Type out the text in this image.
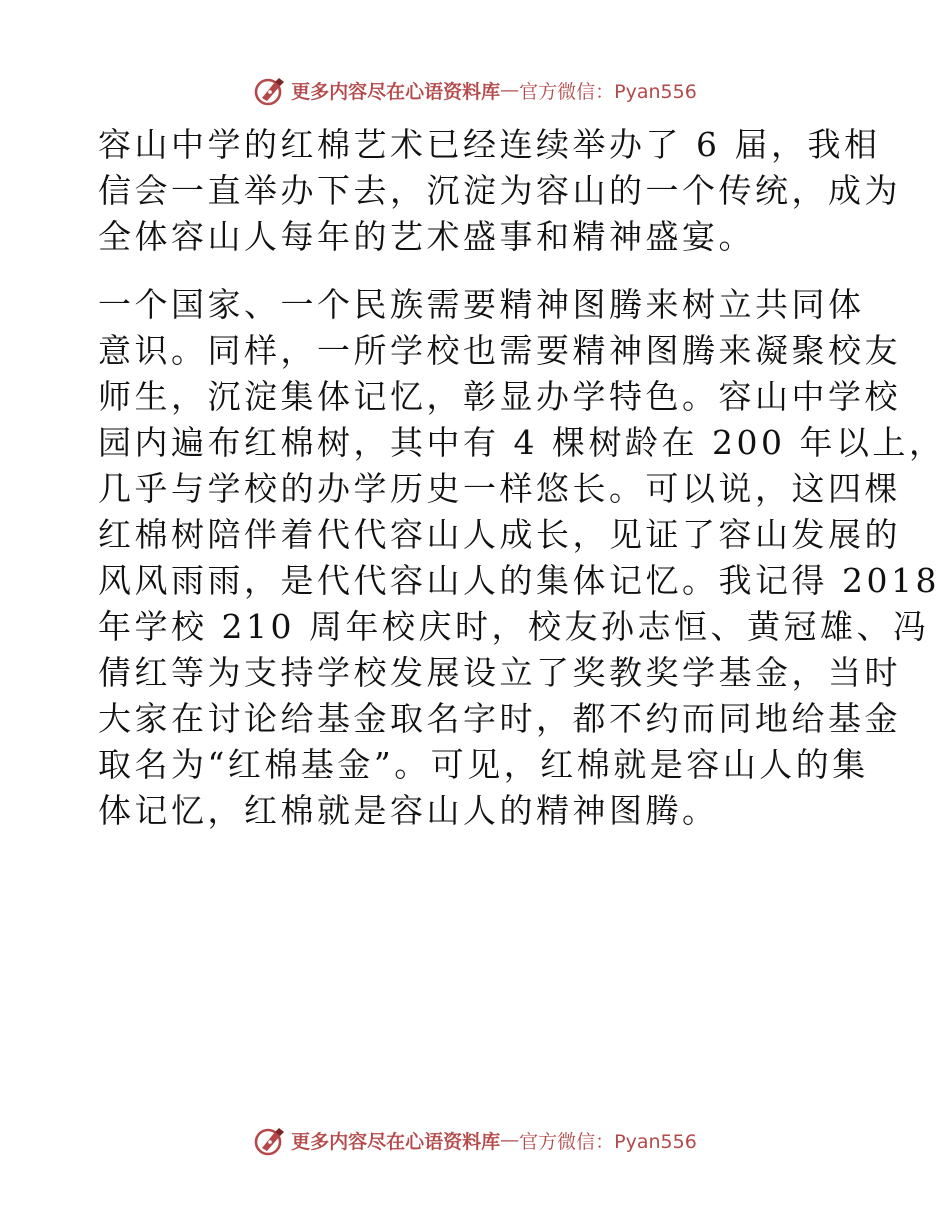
更多内容尽在心语资料库 — 官方微信：Pyan556

容山中学的红棉艺术已经连续举办了 6 届，我相
信会一直举办下去，沉淀为容山的一个传统，成为
全体容山人每年的艺术盛事和精神盛宴。

一个国家、一个民族需要精神图腾来树立共同体
意识。同样，一所学校也需要精神图腾来凝聚校友
师生，沉淀集体记忆，彰显办学特色。容山中学校
园内遍布红棉树，其中有 4 棵树龄在 200 年以上，
几乎与学校的办学历史一样悠长。可以说，这四棵
红棉树陪伴着代代容山人成长，见证了容山发展的
风风雨雨，是代代容山人的集体记忆。我记得 2018
年学校 210 周年校庆时，校友孙志恒、黄冠雄、冯
倩红等为支持学校发展设立了奖教奖学基金，当时
大家在讨论给基金取名字时，都不约而同地给基金
取名为“红棉基金”。可见，红棉就是容山人的集
体记忆，红棉就是容山人的精神图腾。

更多内容尽在心语资料库 — 官方微信：Pyan556
